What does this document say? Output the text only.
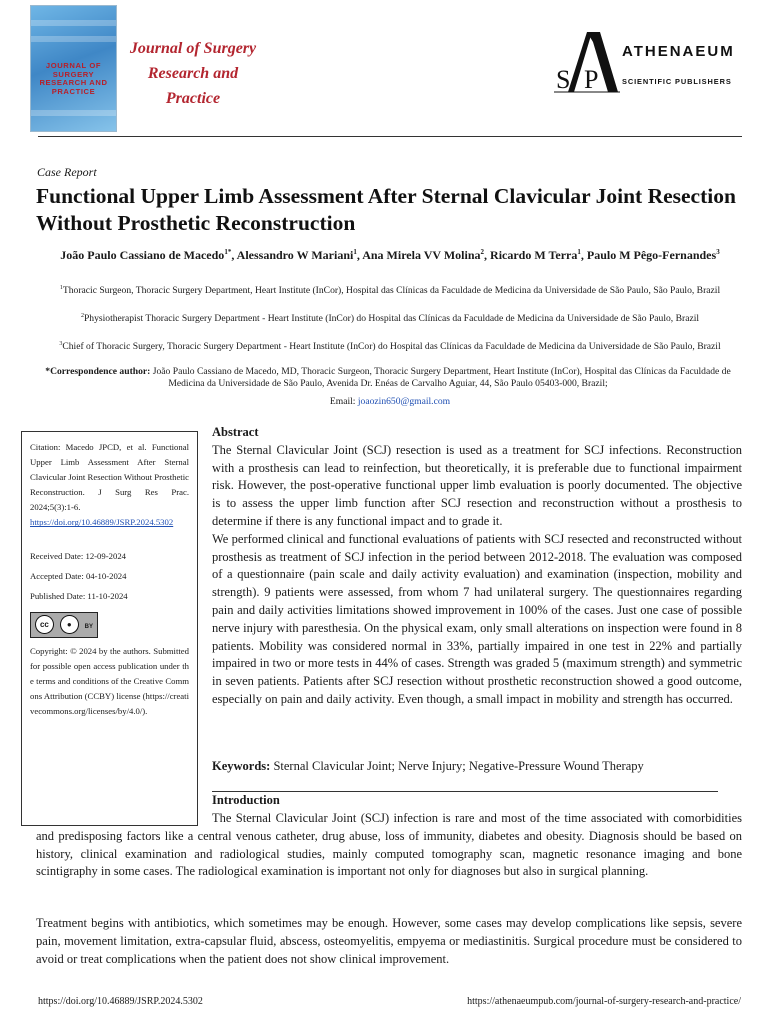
JOURNAL OF SURGERY RESEARCH AND PRACTICE
Journal of Surgery
Research and
Practice
S P
ATHENAEUM
SCIENTIFIC PUBLISHERS
Case Report
Functional Upper Limb Assessment After Sternal Clavicular Joint Resection Without Prosthetic Reconstruction
João Paulo Cassiano de Macedo$^{1*}$, Alessandro W Mariani$^1$, Ana Mirela VV Molina$^2$, Ricardo M Terra$^1$, Paulo M Pêgo-Fernandes$^3$
$^1$Thoracic Surgeon, Thoracic Surgery Department, Heart Institute (InCor), Hospital das Clínicas da Faculdade de Medicina da Universidade de São Paulo, São Paulo, Brazil
$^2$Physiotherapist Thoracic Surgery Department - Heart Institute (InCor) do Hospital das Clínicas da Faculdade de Medicina da Universidade de São Paulo, Brazil
$^3$Chief of Thoracic Surgery, Thoracic Surgery Department - Heart Institute (InCor) do Hospital das Clínicas da Faculdade de Medicina da Universidade de São Paulo, Brazil
*Correspondence author: João Paulo Cassiano de Macedo, MD, Thoracic Surgeon, Thoracic Surgery Department, Heart Institute (InCor), Hospital das Clínicas da Faculdade de Medicina da Universidade de São Paulo, Avenida Dr. Enéas de Carvalho Aguiar, 44, São Paulo 05403-000, Brazil;
Email: joaozin650@gmail.com

Citation: Macedo JPCD, et al. Functional Upper Limb Assessment After Sternal Clavicular Joint Resection Without Prosthetic Reconstruction. J Surg Res Prac. 2024;5(3):1-6.

https://doi.org/10.46889/JSRP.2024.5302

Received Date: 12-09-2024

Accepted Date: 04-10-2024

Published Date: 11-10-2024

cc	●	BY

Copyright: © 2024 by the authors. Submitted for possible open access publication under the terms and conditions of the Creative Commons Attribution (CCBY) license (https://creativecommons.org/licenses/by/4.0/).

Abstract

The Sternal Clavicular Joint (SCJ) resection is used as a treatment for SCJ infections. Reconstruction with a prosthesis can lead to reinfection, but theoretically, it is preferable due to functional impairment risk. However, the post-operative functional upper limb evaluation is poorly documented. The objective is to assess the upper limb function after SCJ resection and reconstruction without a prosthesis to determine if there is any functional impact and to grade it.

We performed clinical and functional evaluations of patients with SCJ resected and reconstructed without prosthesis as treatment of SCJ infection in the period between 2012-2018. The evaluation was composed of a questionnaire (pain scale and daily activity evaluation) and examination (inspection, mobility and strength). 9 patients were assessed, from whom 7 had unilateral surgery. The questionnaires regarding pain and daily activities limitations showed improvement in 100% of the cases. Just one case of possible nerve injury with paresthesia. On the physical exam, only small alterations on inspection were found in 8 patients. Mobility was considered normal in 33%, partially impaired in one test in 22% and partially impaired in two or more tests in 44% of cases. Strength was graded 5 (maximum strength) and symmetric in seven patients. Patients after SCJ resection without prosthetic reconstruction showed a good outcome, especially on pain and daily activity. Even though, a small impact in mobility and strength has occurred.

Keywords: Sternal Clavicular Joint; Nerve Injury; Negative-Pressure Wound Therapy

Introduction

The Sternal Clavicular Joint (SCJ) infection is rare and most of the time associated with comorbidities and predisposing factors like a central venous catheter, drug abuse, loss of immunity, diabetes and obesity. Diagnosis should be based on history, clinical examination and radiological studies, mainly computed tomography scan, magnetic resonance imaging and bone scintigraphy in some cases. The radiological examination is important not only for diagnoses but also in surgical planning.
Treatment begins with antibiotics, which sometimes may be enough. However, some cases may develop complications like sepsis, severe pain, movement limitation, extra-capsular fluid, abscess, osteomyelitis, empyema or mediastinitis. Surgical procedure must be considered to avoid or treat complications when the patient does not show clinical improvement.
https://doi.org/10.46889/JSRP.2024.5302	https://athenaeumpub.com/journal-of-surgery-research-and-practice/
